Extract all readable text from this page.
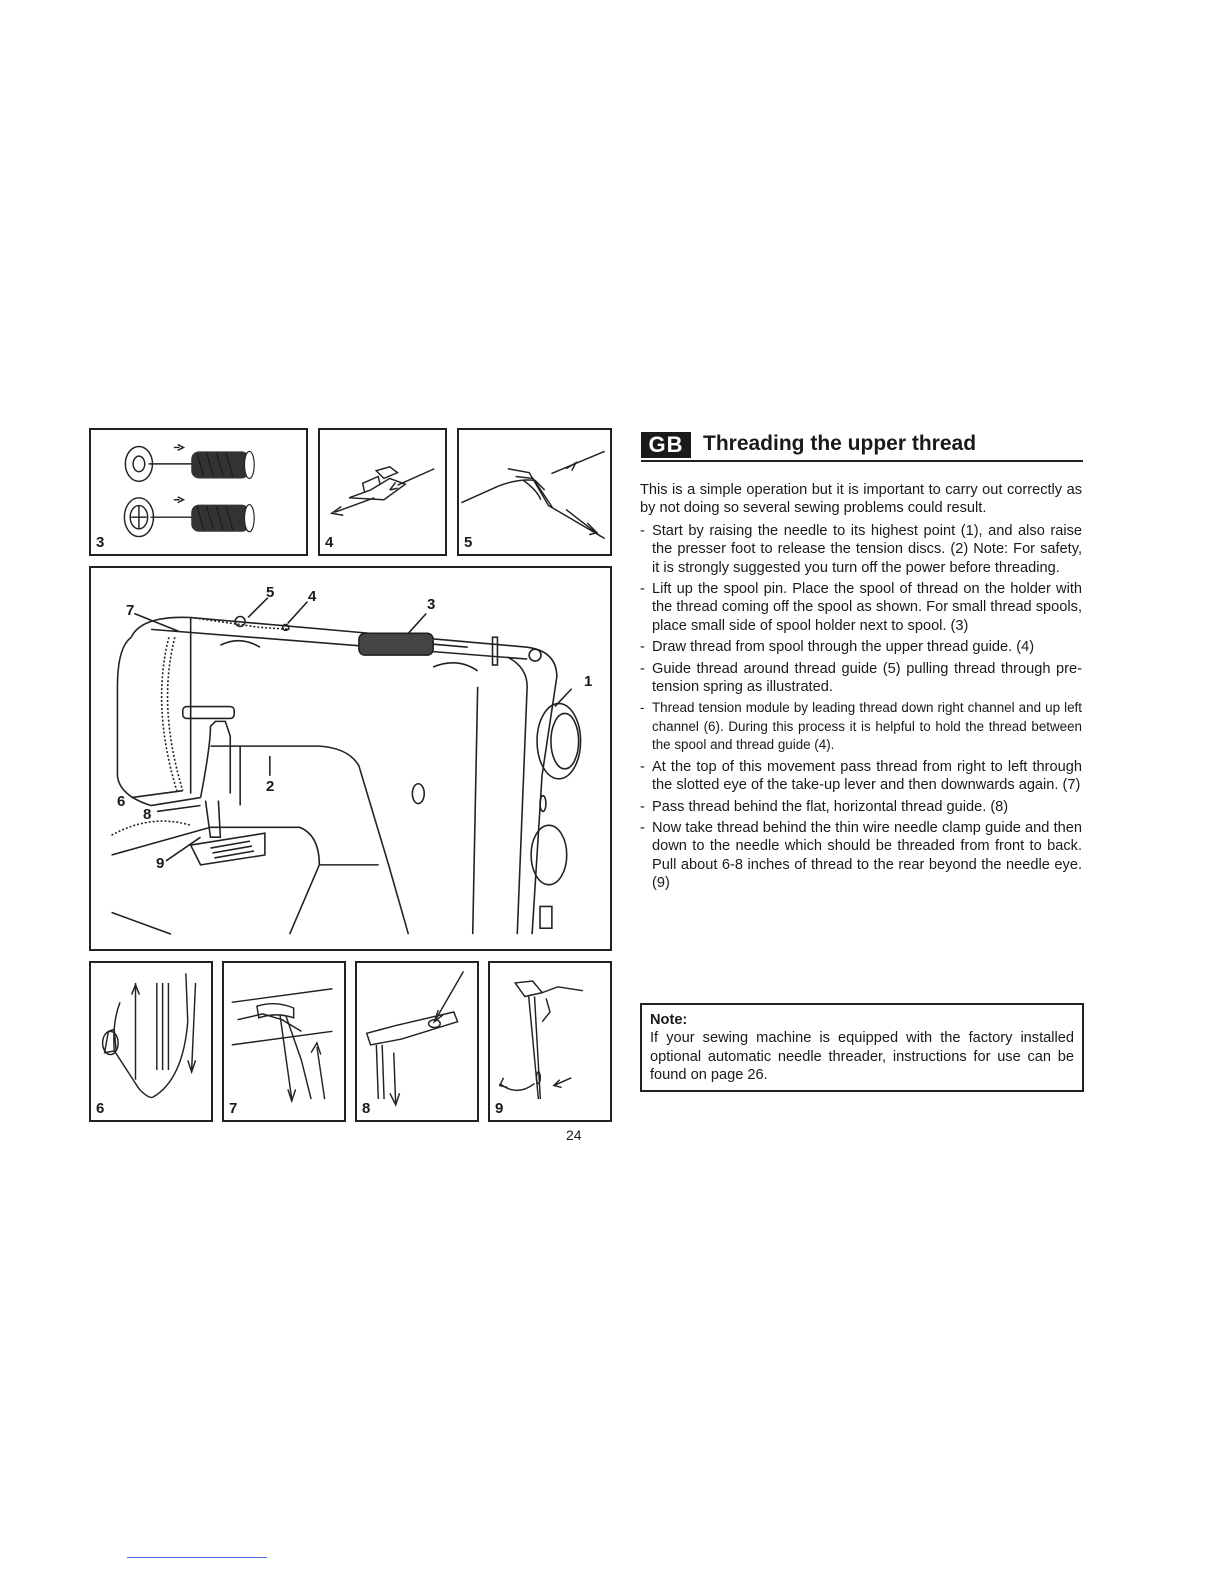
3	4	5
7
5 4	3
1
2
6
8
9
6	7	8	9
GB Threading the upper thread

This is a simple operation but it is important to carry out correctly as by not doing so several sewing problems could result.

- Start by raising the needle to its highest point (1), and also raise the presser foot to release the tension discs. (2) Note: For safety, it is strongly suggested you turn off the power before threading.
- Lift up the spool pin. Place the spool of thread on the holder with the thread coming off the spool as shown. For small thread spools, place small side of spool holder next to spool. (3)
- Draw thread from spool through the upper thread guide. (4)
- Guide thread around thread guide (5) pulling thread through pre-tension spring as illustrated.
- Thread tension module by leading thread down right channel and up left channel (6). During this process it is helpful to hold the thread between the spool and thread guide (4).
- At the top of this movement pass thread from right to left through the slotted eye of the take-up lever and then downwards again. (7)
- Pass thread behind the flat, horizontal thread guide. (8)
- Now take thread behind the thin wire needle clamp guide and then down to the needle which should be threaded from front to back. Pull about 6-8 inches of thread to the rear beyond the needle eye. (9)
Note:
If your sewing machine is equipped with the factory installed optional automatic needle threader, instructions for use can be found on page 26.
24
